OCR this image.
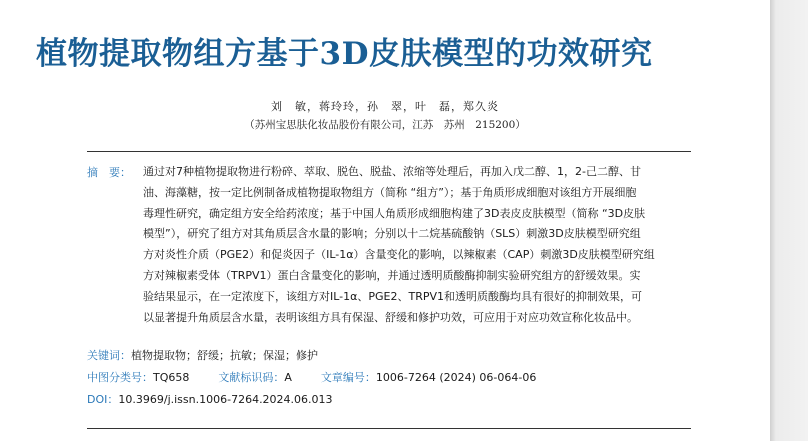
植物提取物组方基于3D皮肤模型的功效研究
刘　敏，蒋玲玲，孙　翠，叶　磊，郑久炎
（苏州宝思肤化妆品股份有限公司，江苏　苏州　215200）
摘　要：	通过对7种植物提取物进行粉碎、萃取、脱色、脱盐、浓缩等处理后，再加入戊二醇、1，2-己二醇、甘
油、海藻糖，按一定比例制备成植物提取物组方（简称 “组方”）；基于角质形成细胞对该组方开展细胞
毒理性研究，确定组方安全给药浓度；基于中国人角质形成细胞构建了3D表皮皮肤模型（简称 “3D皮肤
模型”），研究了组方对其角质层含水量的影响；分别以十二烷基硫酸钠（SLS）刺激3D皮肤模型研究组
方对炎性介质（PGE2）和促炎因子（IL-1α）含量变化的影响，以辣椒素（CAP）刺激3D皮肤模型研究组
方对辣椒素受体（TRPV1）蛋白含量变化的影响，并通过透明质酸酶抑制实验研究组方的舒缓效果。实
验结果显示，在一定浓度下，该组方对IL-1α、PGE2、TRPV1和透明质酸酶均具有很好的抑制效果，可
以显著提升角质层含水量，表明该组方具有保湿、舒缓和修护功效，可应用于对应功效宣称化妆品中。
关键词：植物提取物；舒缓；抗敏；保湿；修护
中图分类号：TQ658	文献标识码：A	文章编号：1006-7264 (2024) 06-064-06
DOI：10.3969/j.issn.1006-7264.2024.06.013
